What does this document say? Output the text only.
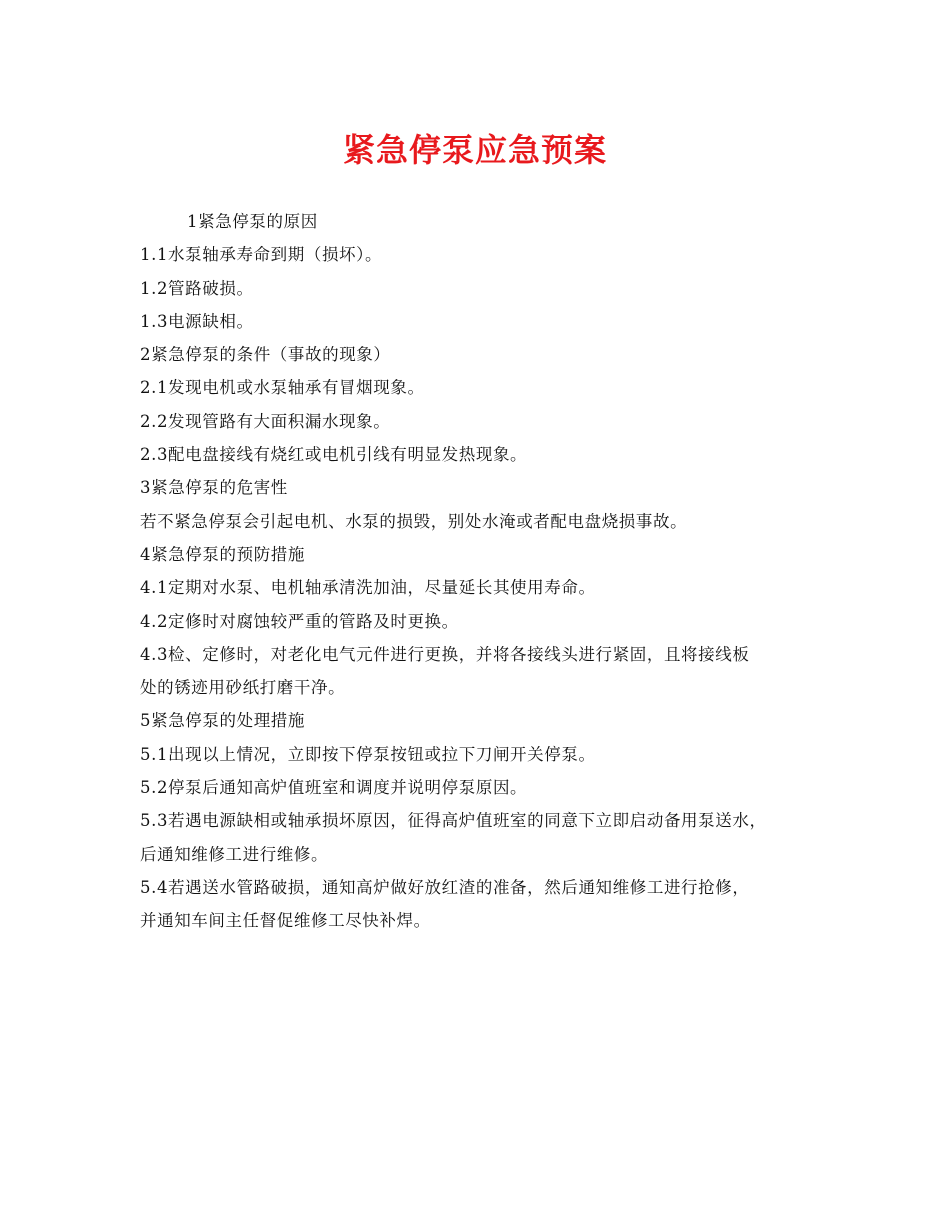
紧急停泵应急预案
1紧急停泵的原因
1.1水泵轴承寿命到期（损坏）。
1.2管路破损。
1.3电源缺相。
2紧急停泵的条件（事故的现象）
2.1发现电机或水泵轴承有冒烟现象。
2.2发现管路有大面积漏水现象。
2.3配电盘接线有烧红或电机引线有明显发热现象。
3紧急停泵的危害性
若不紧急停泵会引起电机、水泵的损毁，别处水淹或者配电盘烧损事故。
4紧急停泵的预防措施
4.1定期对水泵、电机轴承清洗加油，尽量延长其使用寿命。
4.2定修时对腐蚀较严重的管路及时更换。
4.3检、定修时，对老化电气元件进行更换，并将各接线头进行紧固，且将接线板
处的锈迹用砂纸打磨干净。
5紧急停泵的处理措施
5.1出现以上情况，立即按下停泵按钮或拉下刀闸开关停泵。
5.2停泵后通知高炉值班室和调度并说明停泵原因。
5.3若遇电源缺相或轴承损坏原因，征得高炉值班室的同意下立即启动备用泵送水，
后通知维修工进行维修。
5.4若遇送水管路破损，通知高炉做好放红渣的准备，然后通知维修工进行抢修，
并通知车间主任督促维修工尽快补焊。
